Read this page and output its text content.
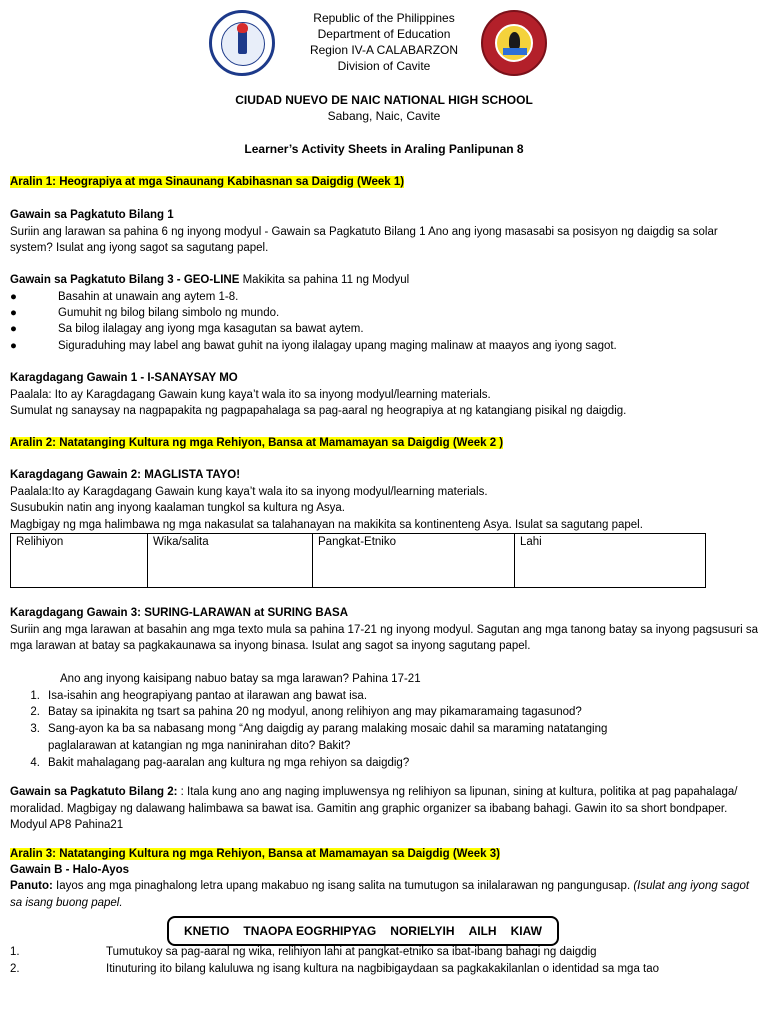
Republic of the Philippines
Department of Education
Region IV-A CALABARZON
Division of Cavite
CIUDAD NUEVO DE NAIC NATIONAL HIGH SCHOOL
Sabang, Naic, Cavite
Learner’s Activity Sheets in Araling Panlipunan 8
Aralin 1: Heograpiya at mga Sinaunang Kabihasnan sa Daigdig (Week 1)

Gawain sa Pagkatuto Bilang 1

Suriin ang larawan sa pahina 6 ng inyong modyul - Gawain sa Pagkatuto Bilang 1 Ano ang iyong masasabi sa posisyon ng daigdig sa solar system? Isulat ang iyong sagot sa sagutang papel.

Gawain sa Pagkatuto Bilang 3 - GEO-LINE Makikita sa pahina 11 ng Modyul
●	Basahin at unawain ang aytem 1-8.
●	Gumuhit ng bilog bilang simbolo ng mundo.
●	Sa bilog ilalagay ang iyong mga kasagutan sa bawat aytem.
●	Siguraduhing may label ang bawat guhit na iyong ilalagay upang maging malinaw at maayos ang iyong sagot.

Karagdagang Gawain 1 - I-SANAYSAY MO

Paalala: Ito ay Karagdagang Gawain kung kaya’t wala ito sa inyong modyul/learning materials.

Sumulat ng sanaysay na nagpapakita ng pagpapahalaga sa pag-aaral ng heograpiya at ng katangiang pisikal ng daigdig.

Aralin 2: Natatanging Kultura ng mga Rehiyon, Bansa at Mamamayan sa Daigdig (Week 2 )

Karagdagang Gawain 2: MAGLISTA TAYO!

Paalala:Ito ay Karagdagang Gawain kung kaya’t wala ito sa inyong modyul/learning materials.

Susubukin natin ang inyong kaalaman tungkol sa kultura ng Asya.

Magbigay ng mga halimbawa ng mga nakasulat sa talahanayan na makikita sa kontinenteng Asya. Isulat sa sagutang papel.

Relihiyon	Wika/salita	Pangkat-Etniko	Lahi

Karagdagang Gawain 3: SURING-LARAWAN at SURING BASA

Suriin ang mga larawan at basahin ang mga texto mula sa pahina 17-21 ng inyong modyul. Sagutan ang mga tanong batay sa inyong pagsusuri sa mga larawan at batay sa pagkakaunawa sa inyong binasa. Isulat ang sagot sa inyong sagutang papel.

Ano ang inyong kaisipang nabuo batay sa mga larawan? Pahina 17-21
1. Isa-isahin ang heograpiyang pantao at ilarawan ang bawat isa.
2. Batay sa ipinakita ng tsart sa pahina 20 ng modyul, anong relihiyon ang may pikamaramaing tagasunod?
3. Sang-ayon ka ba sa nabasang mong “Ang daigdig ay parang malaking mosaic dahil sa maraming natatanging
paglalarawan at katangian ng mga naninirahan dito? Bakit?
4. Bakit mahalagang pag-aaralan ang kultura ng mga rehiyon sa daigdig?
Gawain sa Pagkatuto Bilang 2: : Itala kung ano ang naging impluwensya ng relihiyon sa lipunan, sining at kultura, politika at pag papahalaga/ moralidad. Magbigay ng dalawang halimbawa sa bawat isa. Gamitin ang graphic organizer sa ibabang bahagi. Gawin ito sa short bondpaper. Modyul AP8 Pahina21
Aralin 3: Natatanging Kultura ng mga Rehiyon, Bansa at Mamamayan sa Daigdig (Week 3)
Gawain B - Halo-Ayos
Panuto: Iayos ang mga pinaghalong letra upang makabuo ng isang salita na tumutugon sa inilalarawan ng pangungusap. (Isulat ang iyong sagot sa isang buong papel.
KNETIO TNAOPA EOGRHIPYAG NORIELYIH AILH KIAW
1.	Tumutukoy sa pag-aaral ng wika, relihiyon lahi at pangkat-etniko sa ibat-ibang bahagi ng daigdig
2.	Itinuturing ito bilang kaluluwa ng isang kultura na nagbibigaydaan sa pagkakakilanlan o identidad sa mga tao
